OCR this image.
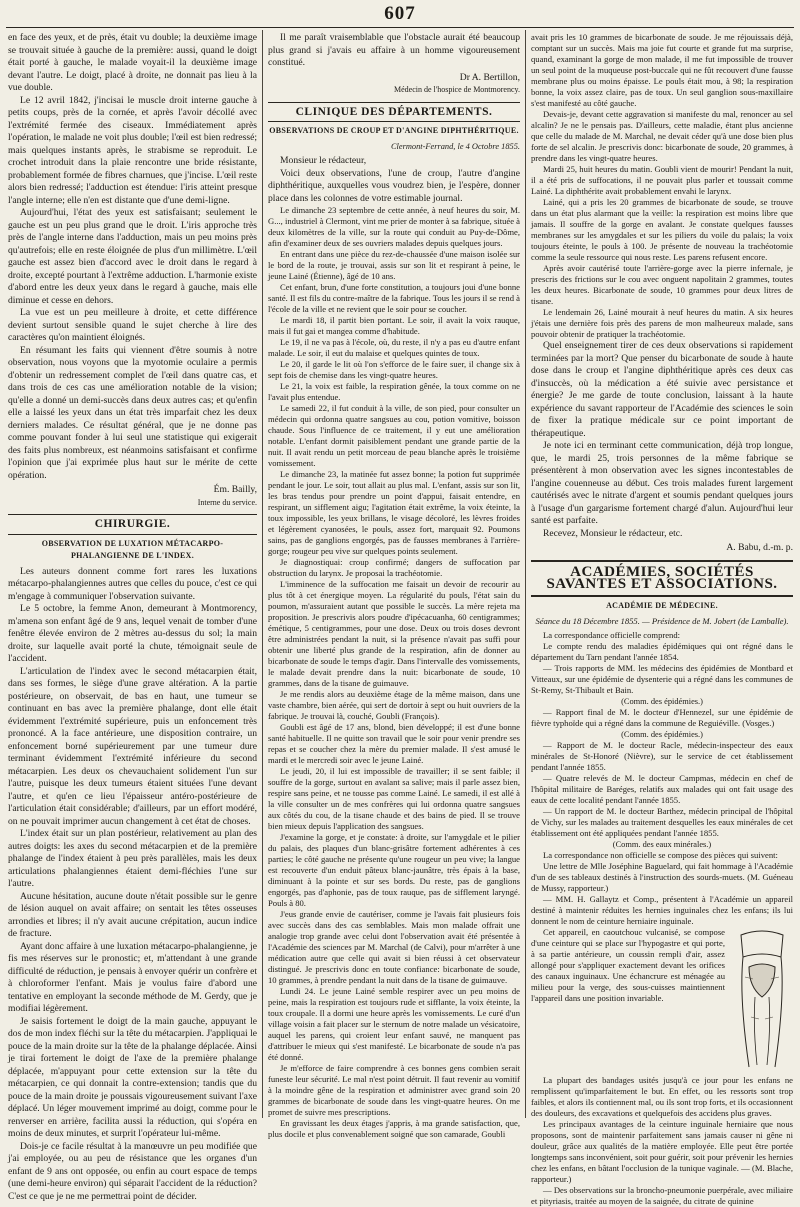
607

en face des yeux, et de près, était vu double; la deuxième image se trouvait située à gauche de la première: aussi, quand le doigt était porté à gauche, le malade voyait-il la deuxième image devant l'autre. Le doigt, placé à droite, ne donnait pas lieu à la vue double.

Le 12 avril 1842, j'incisai le muscle droit interne gauche à petits coups, près de la cornée, et après l'avoir décollé avec l'extrémité fermée des ciseaux. Immédiatement après l'opération, le malade ne voit plus double; l'œil est bien redressé; mais quelques instants après, le strabisme se reproduit. Le crochet introduit dans la plaie rencontre une bride résistante, probablement formée de fibres charnues, que j'incise. L'œil reste alors bien redressé; l'adduction est étendue: l'iris atteint presque l'angle interne; elle n'en est distante que d'une demi-ligne.

Aujourd'hui, l'état des yeux est satisfaisant; seulement le gauche est un peu plus grand que le droit. L'iris approche très près de l'angle interne dans l'adduction, mais un peu moins près qu'autrefois; elle en reste éloignée de plus d'un millimètre. L'œil gauche est assez bien d'accord avec le droit dans le regard à droite, excepté pourtant à l'extrême adduction. L'harmonie existe d'abord entre les deux yeux dans le regard à gauche, mais elle diminue et cesse en dehors.

La vue est un peu meilleure à droite, et cette différence devient surtout sensible quand le sujet cherche à lire des caractères qu'on maintient éloignés.

En résumant les faits qui viennent d'être soumis à notre observation, nous voyons que la myotomie oculaire a permis d'obtenir un redressement complet de l'œil dans quatre cas, et dans trois de ces cas une amélioration notable de la vision; qu'elle a donné un demi-succès dans deux autres cas; et qu'enfin elle a laissé les yeux dans un état très imparfait chez les deux derniers malades. Ce résultat général, que je ne donne pas comme pouvant fonder à lui seul une statistique qui exigerait des faits plus nombreux, est néanmoins satisfaisant et confirme l'opinion que j'ai exprimée plus haut sur le mérite de cette opération.

Ém. Bailly,
Interne du service.
CHIRURGIE.
OBSERVATION DE LUXATION MÉTACARPO-PHALANGIENNE DE L'INDEX.

Les auteurs donnent comme fort rares les luxations métacarpo-phalangiennes autres que celles du pouce, c'est ce qui m'engage à communiquer l'observation suivante.

Le 5 octobre, la femme Anon, demeurant à Montmorency, m'amena son enfant âgé de 9 ans, lequel venait de tomber d'une fenêtre élevée environ de 2 mètres au-dessus du sol; la main droite, sur laquelle avait porté la chute, témoignait seule de l'accident.

L'articulation de l'index avec le second métacarpien était, dans ses formes, le siège d'une grave altération. A la partie postérieure, on observait, de bas en haut, une tumeur se continuant en bas avec la première phalange, dont elle était évidemment l'extrémité supérieure, puis un enfoncement très prononcé. A la face antérieure, une disposition contraire, un enfoncement borné supérieurement par une tumeur dure terminant évidemment l'extrémité inférieure du second métacarpien. Les deux os chevauchaient solidement l'un sur l'autre, puisque les deux tumeurs étaient situées l'une devant l'autre, et qu'en ce lieu l'épaisseur antéro-postérieure de l'articulation était considérable; d'ailleurs, par un effort modéré, on ne pouvait imprimer aucun changement à cet état de choses.

L'index était sur un plan postérieur, relativement au plan des autres doigts: les axes du second métacarpien et de la première phalange de l'index étaient à peu près parallèles, mais les deux articulations phalangiennes étaient demi-fléchies l'une sur l'autre.

Aucune hésitation, aucune doute n'était possible sur le genre de lésion auquel on avait affaire; on sentait les têtes osseuses arrondies et libres; il n'y avait aucune crépitation, aucun indice de fracture.

Ayant donc affaire à une luxation métacarpo-phalangienne, je fis mes réserves sur le pronostic; et, m'attendant à une grande difficulté de réduction, je pensais à envoyer quérir un confrère et à chloroformer l'enfant. Mais je voulus faire d'abord une tentative en employant la seconde méthode de M. Gerdy, que je modifiai légèrement.

Je saisis fortement le doigt de la main gauche, appuyant le dos de mon index fléchi sur la tête du métacarpien. J'appliquai le pouce de la main droite sur la tête de la phalange déplacée. Ainsi je tirai fortement le doigt de l'axe de la première phalange déplacée, m'appuyant pour cette extension sur la tête du métacarpien, ce qui donnait la contre-extension; tandis que du pouce de la main droite je poussais vigoureusement suivant l'axe déplacé. Un léger mouvement imprimé au doigt, comme pour le renverser en arrière, facilita aussi la réduction, qui s'opéra en moins de deux minutes, et surprit l'opérateur lui-même.

Dois-je ce facile résultat à la manœuvre un peu modifiée que j'ai employée, ou au peu de résistance que les organes d'un enfant de 9 ans ont opposée, ou enfin au court espace de temps (une demi-heure environ) qui séparait l'accident de la réduction? C'est ce que je ne me permettrai point de décider.

Il me paraît vraisemblable que l'obstacle aurait été beaucoup plus grand si j'avais eu affaire à un homme vigoureusement constitué.

Dr A. Bertillon,
Médecin de l'hospice de Montmorency.
CLINIQUE DES DÉPARTEMENTS.
OBSERVATIONS DE CROUP ET D'ANGINE DIPHTHÉRITIQUE.
Clermont-Ferrand, le 4 Octobre 1855.

Monsieur le rédacteur,

Voici deux observations, l'une de croup, l'autre d'angine diphthéritique, auxquelles vous voudrez bien, je l'espère, donner place dans les colonnes de votre estimable journal.

Le dimanche 23 septembre de cette année, à neuf heures du soir, M. G..., industriel à Clermont, vint me prier de monter à sa fabrique, située à deux kilomètres de la ville, sur la route qui conduit au Puy-de-Dôme, afin d'examiner deux de ses ouvriers malades depuis quelques jours.

En entrant dans une pièce du rez-de-chaussée d'une maison isolée sur le bord de la route, je trouvai, assis sur son lit et respirant à peine, le jeune Lainé (Étienne), âgé de 10 ans.

Cet enfant, brun, d'une forte constitution, a toujours joui d'une bonne santé. Il est fils du contre-maître de la fabrique. Tous les jours il se rend à l'école de la ville et ne revient que le soir pour se coucher.

Le mardi 18, il partit bien portant. Le soir, il avait la voix rauque, mais il fut gai et mangea comme d'habitude.

Le 19, il ne va pas à l'école, où, du reste, il n'y a pas eu d'autre enfant malade. Le soir, il eut du malaise et quelques quintes de toux.

Le 20, il garde le lit où l'on s'efforce de le faire suer, il change six à sept fois de chemise dans les vingt-quatre heures.

Le 21, la voix est faible, la respiration gênée, la toux comme on ne l'avait plus entendue.

Le samedi 22, il fut conduit à la ville, de son pied, pour consulter un médecin qui ordonna quatre sangsues au cou, potion vomitive, boisson chaude. Sous l'influence de ce traitement, il y eut une amélioration notable. L'enfant dormit paisiblement pendant une grande partie de la nuit. Il avait rendu un petit morceau de peau blanche après le troisième vomissement.

Le dimanche 23, la matinée fut assez bonne; la potion fut supprimée pendant le jour. Le soir, tout allait au plus mal. L'enfant, assis sur son lit, les bras tendus pour prendre un point d'appui, faisait entendre, en respirant, un sifflement aigu; l'agitation était extrême, la voix éteinte, la toux impossible, les yeux brillans, le visage décoloré, les lèvres froides et légèrement cyanosées, le pouls, assez fort, marquait 92. Poumons sains, pas de ganglions engorgés, pas de fausses membranes à l'arrière-gorge; rougeur peu vive sur quelques points seulement.

Je diagnostiquai: croup confirmé; dangers de suffocation par obstruction du larynx. Je proposai la trachéotomie.

L'imminence de la suffocation me faisait un devoir de recourir au plus tôt à cet énergique moyen. La régularité du pouls, l'état sain du poumon, m'assuraient autant que possible le succès. La mère rejeta ma proposition. Je prescrivis alors poudre d'ipécacuanha, 60 centigrammes; émétique, 5 centigrammes, pour une dose. Deux ou trois doses devront être administrées pendant la nuit, si la présence n'avait pas suffi pour obtenir une liberté plus grande de la respiration, afin de donner au bicarbonate de soude le temps d'agir. Dans l'intervalle des vomissements, le malade devait prendre dans la nuit: bicarbonate de soude, 10 grammes, dans de la tisane de guimauve.

Je me rendis alors au deuxième étage de la même maison, dans une vaste chambre, bien aérée, qui sert de dortoir à sept ou huit ouvriers de la fabrique. Je trouvai là, couché, Goubli (François).

Goubli est âgé de 17 ans, blond, bien développé; il est d'une bonne santé habituelle. Il ne quitte son travail que le soir pour venir prendre ses repas et se coucher chez la mère du premier malade. Il s'est amusé le mardi et le mercredi soir avec le jeune Lainé.

Le jeudi, 20, il lui est impossible de travailler; il se sent faible; il souffre de la gorge, surtout en avalant sa salive; mais il parle assez bien, respire sans peine, et ne tousse pas comme Lainé. Le samedi, il est allé à la ville consulter un de mes confrères qui lui ordonna quatre sangsues aux côtés du cou, de la tisane chaude et des bains de pied. Il se trouve bien mieux depuis l'application des sangsues.

J'examine la gorge, et je constate: à droite, sur l'amygdale et le pilier du palais, des plaques d'un blanc-grisâtre fortement adhérentes à ces parties; le côté gauche ne présente qu'une rougeur un peu vive; la langue est recouverte d'un enduit pâteux blanc-jaunâtre, très épais à la base, diminuant à la pointe et sur ses bords. Du reste, pas de ganglions engorgés, pas d'aphonie, pas de toux rauque, pas de sifflement laryngé. Pouls à 80.

J'eus grande envie de cautériser, comme je l'avais fait plusieurs fois avec succès dans des cas semblables. Mais mon malade offrait une analogie trop grande avec celui dont l'observation avait été présentée à l'Académie des sciences par M. Marchal (de Calvi), pour m'arrêter à une médication autre que celle qui avait si bien réussi à cet observateur distingué. Je prescrivis donc en toute confiance: bicarbonate de soude, 10 grammes, à prendre pendant la nuit dans de la tisane de guimauve.

Lundi 24. Le jeune Lainé semble respirer avec un peu moins de peine, mais la respiration est toujours rude et sifflante, la voix éteinte, la toux croupale. Il a dormi une heure après les vomissements. Le curé d'un village voisin a fait placer sur le sternum de notre malade un vésicatoire, auquel les parens, qui croient leur enfant sauvé, ne manquent pas d'attribuer le mieux qui s'est manifesté. Le bicarbonate de soude n'a pas été donné.

Je m'efforce de faire comprendre à ces bonnes gens combien serait funeste leur sécurité. Le mal n'est point détruit. Il faut revenir au vomitif à la moindre gêne de la respiration et administrer avec grand soin 20 grammes de bicarbonate de soude dans les vingt-quatre heures. On me promet de suivre mes prescriptions.

En gravissant les deux étages j'appris, à ma grande satisfaction, que, plus docile et plus convenablement soigné que son camarade, Goubli

avait pris les 10 grammes de bicarbonate de soude. Je me réjouissais déjà, comptant sur un succès. Mais ma joie fut courte et grande fut ma surprise, quand, examinant la gorge de mon malade, il me fut impossible de trouver un seul point de la muqueuse post-buccale qui ne fût recouvert d'une fausse membrane plus ou moins épaisse. Le pouls était mou, à 98; la respiration bonne, la voix assez claire, pas de toux. Un seul ganglion sous-maxillaire s'est manifesté au côté gauche.

Devais-je, devant cette aggravation si manifeste du mal, renoncer au sel alcalin? Je ne le pensais pas. D'ailleurs, cette maladie, étant plus ancienne que celle du malade de M. Marchal, ne devait céder qu'à une dose bien plus forte de sel alcalin. Je prescrivis donc: bicarbonate de soude, 20 grammes, à prendre dans les vingt-quatre heures.

Mardi 25, huit heures du matin. Goubli vient de mourir! Pendant la nuit, il a été pris de suffocations, il ne pouvait plus parler et toussait comme Lainé. La diphthérite avait probablement envahi le larynx.

Lainé, qui a pris les 20 grammes de bicarbonate de soude, se trouve dans un état plus alarmant que la veille: la respiration est moins libre que jamais. Il souffre de la gorge en avalant. Je constate quelques fausses membranes sur les amygdales et sur les piliers du voile du palais; la voix toujours éteinte, le pouls à 100. Je présente de nouveau la trachéotomie comme la seule ressource qui nous reste. Les parens refusent encore.

Après avoir cautérisé toute l'arrière-gorge avec la pierre infernale, je prescris des frictions sur le cou avec onguent napolitain 2 grammes, toutes les deux heures. Bicarbonate de soude, 10 grammes pour deux litres de tisane.

Le lendemain 26, Lainé mourait à neuf heures du matin. A six heures j'étais une dernière fois près des parens de mon malheureux malade, sans pouvoir obtenir de pratiquer la trachéotomie.

Quel enseignement tirer de ces deux observations si rapidement terminées par la mort? Que penser du bicarbonate de soude à haute dose dans le croup et l'angine diphthéritique après ces deux cas d'insuccès, où la médication a été suivie avec persistance et énergie? Je me garde de toute conclusion, laissant à la haute expérience du savant rapporteur de l'Académie des sciences le soin de fixer la pratique médicale sur ce point important de thérapeutique.

Je note ici en terminant cette communication, déjà trop longue, que, le mardi 25, trois personnes de la même fabrique se présentèrent à mon observation avec les signes incontestables de l'angine couenneuse au début. Ces trois malades furent largement cautérisés avec le nitrate d'argent et soumis pendant quelques jours à l'usage d'un gargarisme fortement chargé d'alun. Aujourd'hui leur santé est parfaite.

Recevez, Monsieur le rédacteur, etc.

A. Babu, d.-m. p.
ACADÉMIES, SOCIÉTÉS SAVANTES ET ASSOCIATIONS.
ACADÉMIE DE MÉDECINE.
Séance du 18 Décembre 1855. — Présidence de M. Jobert (de Lamballe).

La correspondance officielle comprend:

Le compte rendu des maladies épidémiques qui ont régné dans le département du Tarn pendant l'année 1854.

— Trois rapports de MM. les médecins des épidémies de Montbard et Vitteaux, sur une épidémie de dysenterie qui a régné dans les communes de St-Remy, St-Thibault et Bain.

(Comm. des épidémies.)

— Rapport final de M. le docteur d'Hennezel, sur une épidémie de fièvre typhoïde qui a régné dans la commune de Reguiéville. (Vosges.)

(Comm. des épidémies.)

— Rapport de M. le docteur Racle, médecin-inspecteur des eaux minérales de St-Honoré (Nièvre), sur le service de cet établissement pendant l'année 1855.

— Quatre relevés de M. le docteur Campmas, médecin en chef de l'hôpital militaire de Baréges, relatifs aux malades qui ont fait usage des eaux de cette localité pendant l'année 1855.

— Un rapport de M. le docteur Barthez, médecin principal de l'hôpital de Vichy, sur les malades au traitement desquelles les eaux minérales de cet établissement ont été appliquées pendant l'année 1855.

(Comm. des eaux minérales.)

La correspondance non officielle se compose des pièces qui suivent:

Une lettre de Mlle Joséphine Baguelard, qui fait hommage à l'Académie d'un de ses tableaux destinés à l'instruction des sourds-muets. (M. Guéneau de Mussy, rapporteur.)

— MM. H. Gallaytz et Comp., présentent à l'Académie un appareil destiné à maintenir réduites les hernies inguinales chez les enfans; ils lui donnent le nom de ceinture herniaire inguinale.

Cet appareil, en caoutchouc vulcanisé, se compose d'une ceinture qui se place sur l'hypogastre et qui porte, à sa partie antérieure, un coussin rempli d'air, assez allongé pour s'appliquer exactement devant les orifices des canaux inguinaux. Une échancrure est ménagée au milieu pour la verge, des sous-cuisses maintiennent l'appareil dans une position invariable.

La plupart des bandages usités jusqu'à ce jour pour les enfans ne remplissent qu'imparfaitement le but. En effet, ou les ressorts sont trop faibles, et alors ils contiennent mal, ou ils sont trop forts, et ils occasionnent des douleurs, des excavations et quelquefois des accidens plus graves.

Les principaux avantages de la ceinture inguinale herniaire que nous proposons, sont de maintenir parfaitement sans jamais causer ni gêne ni douleur, grâce aux qualités de la matière employée. Elle peut être portée longtemps sans inconvénient, soit pour guérir, soit pour prévenir les hernies chez les enfans, en bâtant l'occlusion de la tunique vaginale. — (M. Blache, rapporteur.)

— Des observations sur la broncho-pneumonie puerpérale, avec miliaire et pityriasis, traitée au moyen de la saignée, du citrate de quinine
